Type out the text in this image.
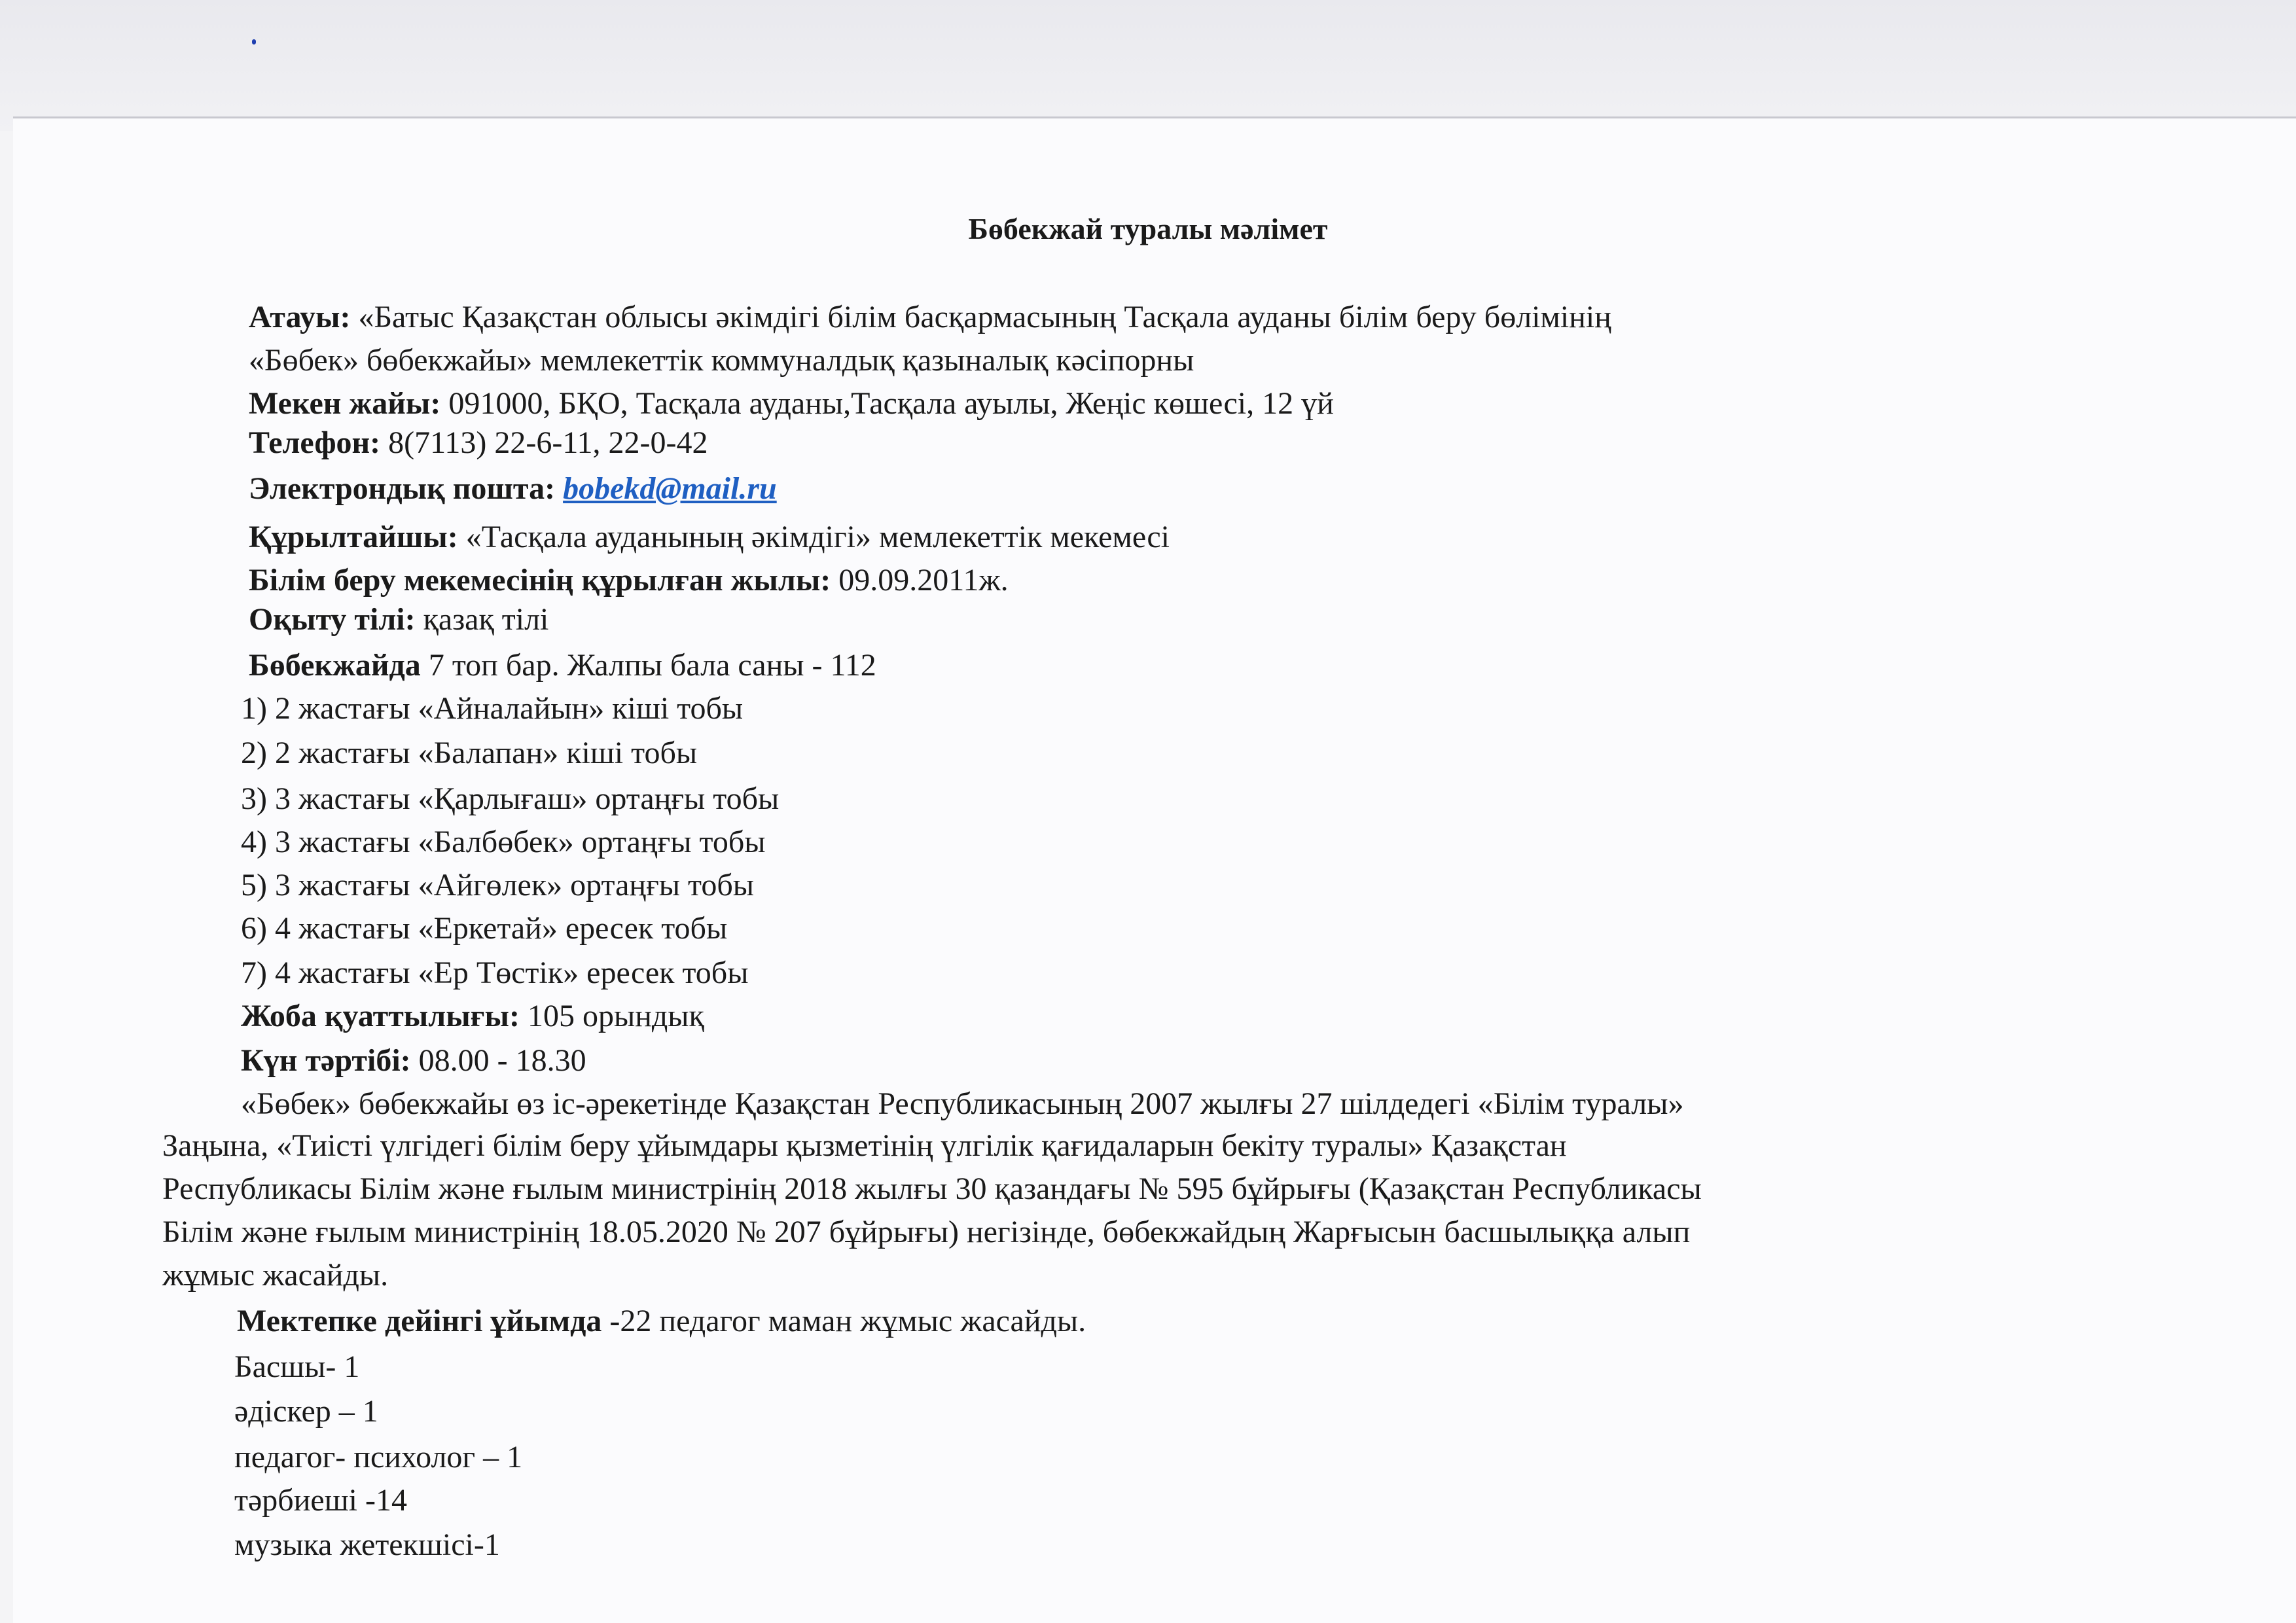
Бөбекжай туралы мәлімет
Атауы: «Батыс Қазақстан облысы әкімдігі білім басқармасының Тасқала ауданы білім беру бөлімінің
«Бөбек» бөбекжайы» мемлекеттік коммуналдық қазыналық кәсіпорны
Мекен жайы: 091000, БҚО, Тасқала ауданы,Тасқала ауылы, Жеңіс көшесі, 12 үй
Телефон: 8(7113) 22-6-11, 22-0-42
Электрондық пошта: bobekd@mail.ru
Құрылтайшы: «Тасқала ауданының әкімдігі» мемлекеттік мекемесі
Білім беру мекемесінің құрылған жылы: 09.09.2011ж.
Оқыту тілі: қазақ тілі
Бөбекжайда 7 топ бар. Жалпы бала саны - 112
1) 2 жастағы «Айналайын» кіші тобы
2) 2 жастағы «Балапан» кіші тобы
3) 3 жастағы «Қарлығаш» ортаңғы тобы
4) 3 жастағы «Балбөбек» ортаңғы тобы
5) 3 жастағы «Айгөлек» ортаңғы тобы
6) 4 жастағы «Еркетай» ересек тобы
7) 4 жастағы «Ер Төстік» ересек тобы
Жоба қуаттылығы: 105 орындық
Күн тәртібі: 08.00 - 18.30
«Бөбек» бөбекжайы өз іс-әрекетінде Қазақстан Республикасының 2007 жылғы 27 шілдедегі «Білім туралы»
Заңына, «Тиісті үлгідегі білім беру ұйымдары қызметінің үлгілік қағидаларын бекіту туралы» Қазақстан
Республикасы Білім және ғылым министрінің 2018 жылғы 30 қазандағы № 595 бұйрығы (Қазақстан Республикасы
Білім және ғылым министрінің 18.05.2020 № 207 бұйрығы) негізінде, бөбекжайдың Жарғысын басшылыққа алып
жұмыс жасайды.
Мектепке дейінгі ұйымда -22 педагог маман жұмыс жасайды.
Басшы- 1
әдіскер – 1
педагог- психолог – 1
тәрбиеші -14
музыка жетекшісі-1
